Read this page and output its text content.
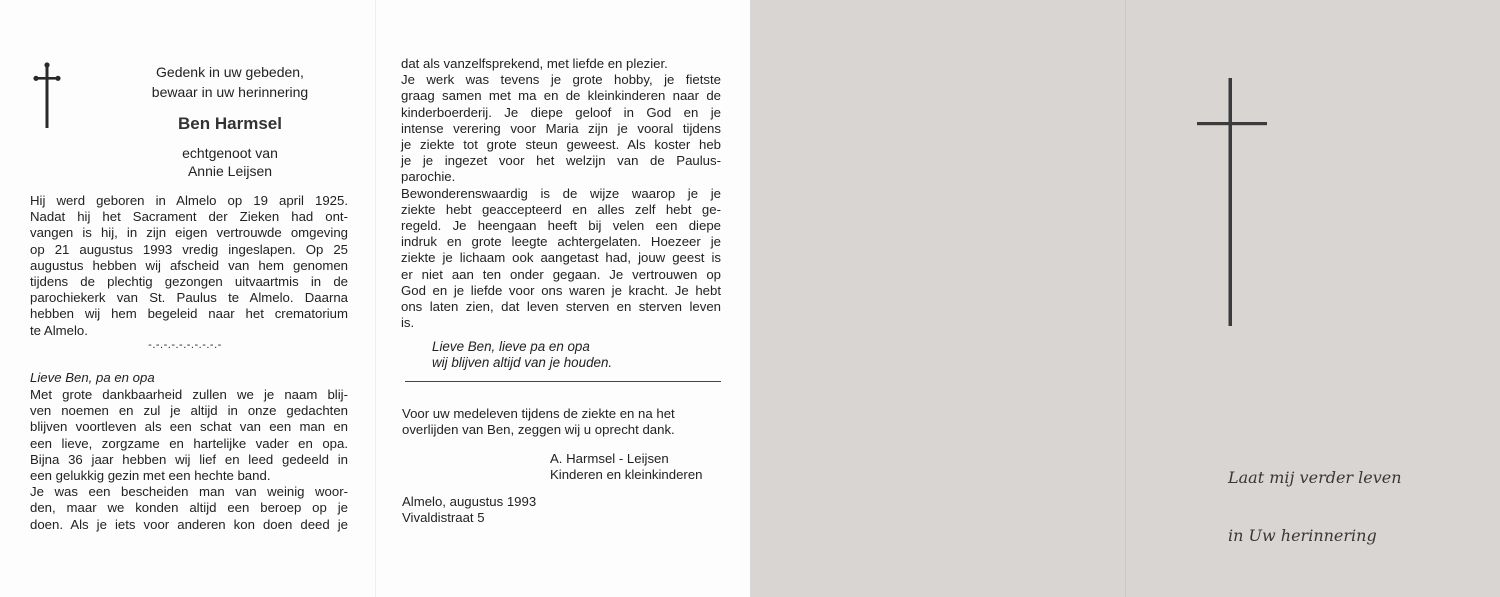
Gedenk in uw gebeden,
bewaar in uw herinnering
Ben Harmsel
echtgenoot van
Annie Leijsen

Hij werd geboren in Almelo op 19 april 1925.

Nadat hij het Sacrament der Zieken had ont-

vangen is hij, in zijn eigen vertrouwde omgeving

op 21 augustus 1993 vredig ingeslapen. Op 25

augustus hebben wij afscheid van hem genomen

tijdens de plechtig gezongen uitvaartmis in de

parochiekerk van St. Paulus te Almelo. Daarna

hebben wij hem begeleid naar het crematorium

te Almelo.

-.-.-.-.-.-.-.-.-.-
Lieve Ben, pa en opa

Met grote dankbaarheid zullen we je naam blij-

ven noemen en zul je altijd in onze gedachten

blijven voortleven als een schat van een man en

een lieve, zorgzame en hartelijke vader en opa.

Bijna 36 jaar hebben wij lief en leed gedeeld in

een gelukkig gezin met een hechte band.

Je was een bescheiden man van weinig woor-

den, maar we konden altijd een beroep op je

doen. Als je iets voor anderen kon doen deed je

dat als vanzelfsprekend, met liefde en plezier.

Je werk was tevens je grote hobby, je fietste

graag samen met ma en de kleinkinderen naar de

kinderboerderij. Je diepe geloof in God en je

intense verering voor Maria zijn je vooral tijdens

je ziekte tot grote steun geweest. Als koster heb

je je ingezet voor het welzijn van de Paulus-

parochie.

Bewonderenswaardig is de wijze waarop je je

ziekte hebt geaccepteerd en alles zelf hebt ge-

regeld. Je heengaan heeft bij velen een diepe

indruk en grote leegte achtergelaten. Hoezeer je

ziekte je lichaam ook aangetast had, jouw geest is

er niet aan ten onder gegaan. Je vertrouwen op

God en je liefde voor ons waren je kracht. Je hebt

ons laten zien, dat leven sterven en sterven leven

is.

Lieve Ben, lieve pa en opa
wij blijven altijd van je houden.
Voor uw medeleven tijdens de ziekte en na het
overlijden van Ben, zeggen wij u oprecht dank.
A. Harmsel - Leijsen
Kinderen en kleinkinderen
Almelo, augustus 1993
Vivaldistraat 5
Laat mij verder leven
in Uw herinnering
